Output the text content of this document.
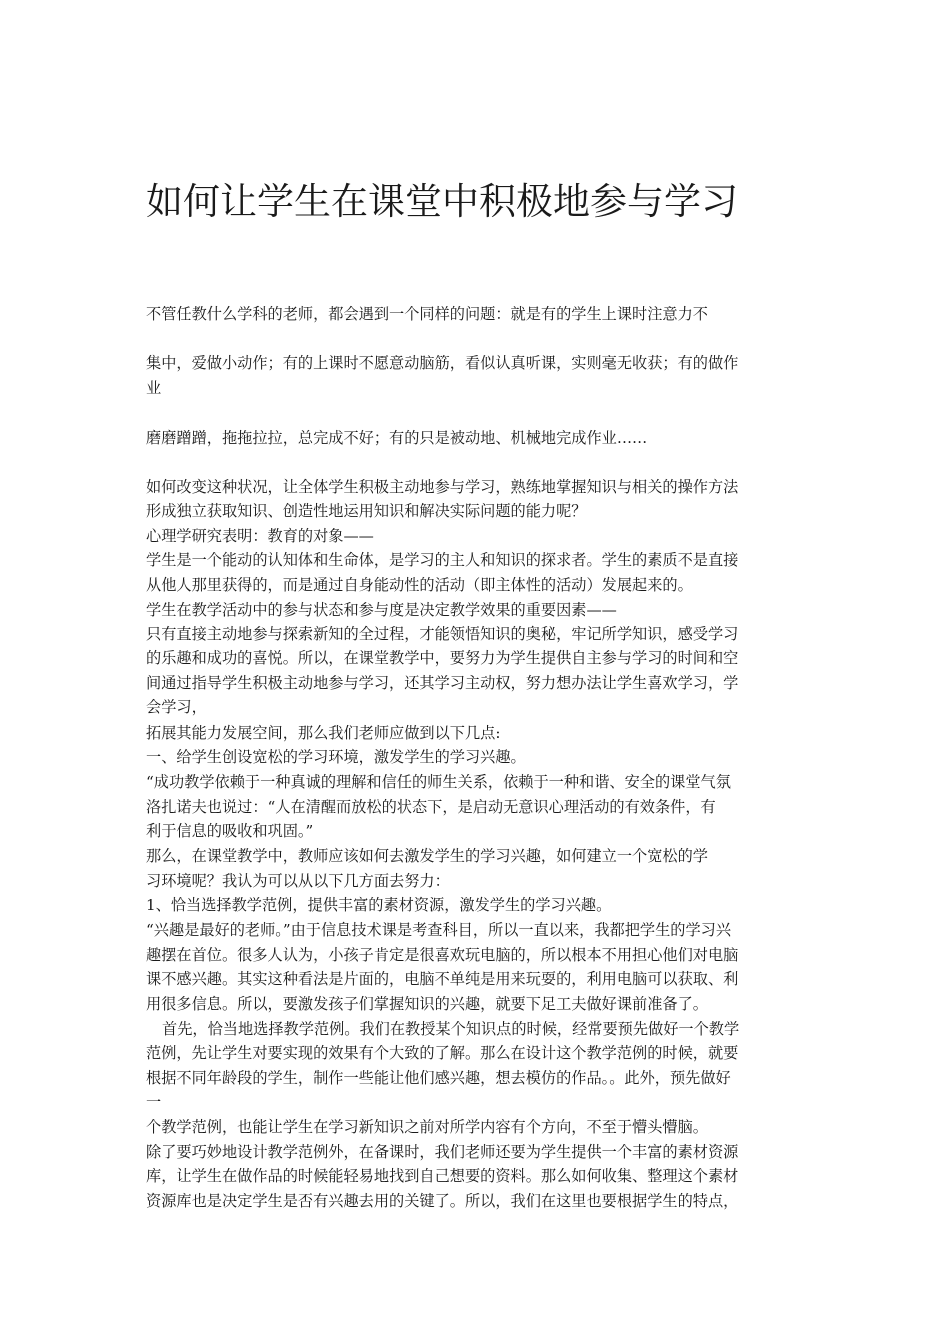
如何让学生在课堂中积极地参与学习

不管任教什么学科的老师，都会遇到一个同样的问题：就是有的学生上课时注意力不

集中，爱做小动作；有的上课时不愿意动脑筋，看似认真听课，实则毫无收获；有的做作

业

磨磨蹭蹭，拖拖拉拉，总完成不好；有的只是被动地、机械地完成作业……

如何改变这种状况，让全体学生积极主动地参与学习，熟练地掌握知识与相关的操作方法

形成独立获取知识、创造性地运用知识和解决实际问题的能力呢？

心理学研究表明：教育的对象——

学生是一个能动的认知体和生命体，是学习的主人和知识的探求者。学生的素质不是直接

从他人那里获得的，而是通过自身能动性的活动（即主体性的活动）发展起来的。

学生在教学活动中的参与状态和参与度是决定教学效果的重要因素——

只有直接主动地参与探索新知的全过程，才能领悟知识的奥秘，牢记所学知识，感受学习

的乐趣和成功的喜悦。所以，在课堂教学中，要努力为学生提供自主参与学习的时间和空

间通过指导学生积极主动地参与学习，还其学习主动权，努力想办法让学生喜欢学习，学

会学习，

拓展其能力发展空间，那么我们老师应做到以下几点:

一、给学生创设宽松的学习环境，激发学生的学习兴趣。

“成功教学依赖于一种真诚的理解和信任的师生关系，依赖于一种和谐、安全的课堂气氛

洛扎诺夫也说过：“人在清醒而放松的状态下，是启动无意识心理活动的有效条件，有

利于信息的吸收和巩固。”

那么，在课堂教学中，教师应该如何去激发学生的学习兴趣，如何建立一个宽松的学

习环境呢？我认为可以从以下几方面去努力：

1、恰当选择教学范例，提供丰富的素材资源，激发学生的学习兴趣。

“兴趣是最好的老师。”由于信息技术课是考查科目，所以一直以来，我都把学生的学习兴

趣摆在首位。很多人认为，小孩子肯定是很喜欢玩电脑的，所以根本不用担心他们对电脑

课不感兴趣。其实这种看法是片面的，电脑不单纯是用来玩耍的，利用电脑可以获取、利

用很多信息。所以，要激发孩子们掌握知识的兴趣，就要下足工夫做好课前准备了。

首先，恰当地选择教学范例。我们在教授某个知识点的时候，经常要预先做好一个教学

范例，先让学生对要实现的效果有个大致的了解。那么在设计这个教学范例的时候，就要

根据不同年龄段的学生，制作一些能让他们感兴趣，想去模仿的作品。。此外，预先做好

一

个教学范例，也能让学生在学习新知识之前对所学内容有个方向，不至于懵头懵脑。

除了要巧妙地设计教学范例外，在备课时，我们老师还要为学生提供一个丰富的素材资源

库，让学生在做作品的时候能轻易地找到自己想要的资料。那么如何收集、整理这个素材

资源库也是决定学生是否有兴趣去用的关键了。所以，我们在这里也要根据学生的特点，
